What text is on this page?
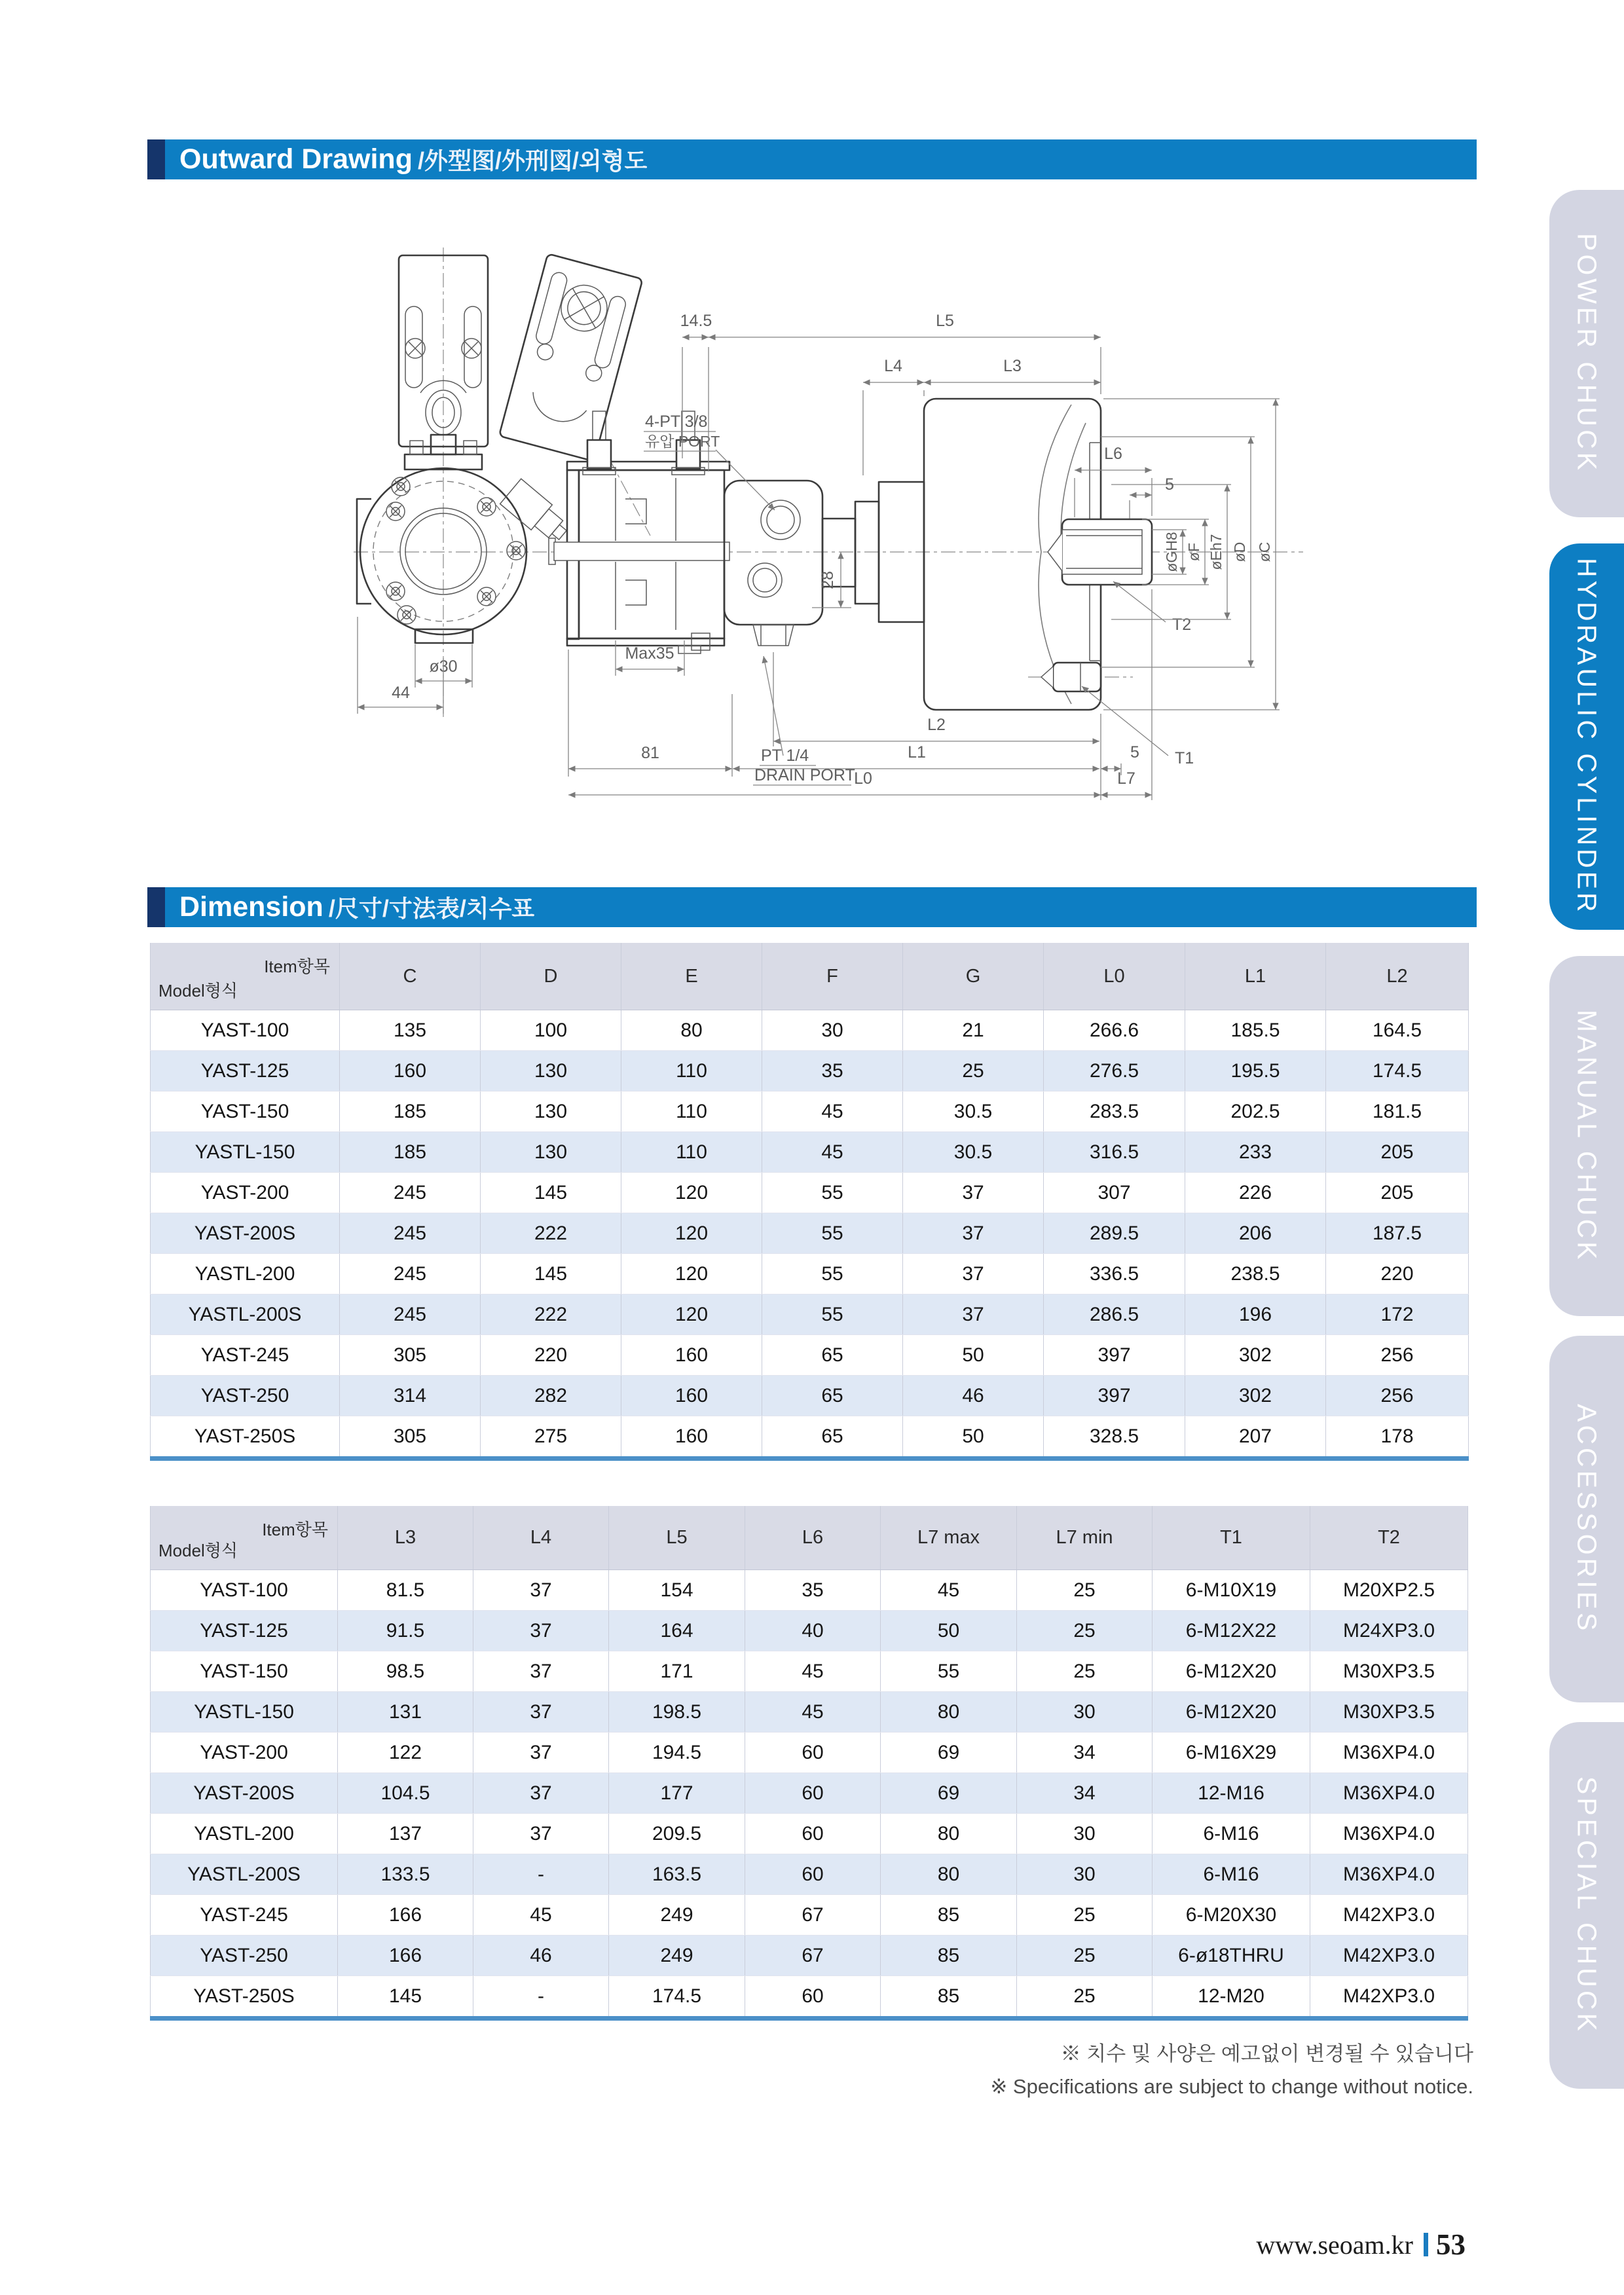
Outward Drawing /外型图/外刑図/외형도
ø30
44
Max35
81
28
4-PT 3/8
유압 PORT
PT 1/4
DRAIN PORT
T2
T1
øGH8 øF øEh7 øD øC
L6
5
14.5	L5
L4	L3
L2
L1	5
L0	L7
Dimension /尺寸/寸法表/치수표
Item항목
Model형식	C	D	E	F	G	L0	L1	L2
YAST-100	135	100	80	30	21	266.6	185.5	164.5
YAST-125	160	130	110	35	25	276.5	195.5	174.5
YAST-150	185	130	110	45	30.5	283.5	202.5	181.5
YASTL-150	185	130	110	45	30.5	316.5	233	205
YAST-200	245	145	120	55	37	307	226	205
YAST-200S	245	222	120	55	37	289.5	206	187.5
YASTL-200	245	145	120	55	37	336.5	238.5	220
YASTL-200S	245	222	120	55	37	286.5	196	172
YAST-245	305	220	160	65	50	397	302	256
YAST-250	314	282	160	65	46	397	302	256
YAST-250S	305	275	160	65	50	328.5	207	178
Item항목
Model형식	L3	L4	L5	L6	L7 max	L7 min	T1	T2
YAST-100	81.5	37	154	35	45	25	6-M10X19	M20XP2.5
YAST-125	91.5	37	164	40	50	25	6-M12X22	M24XP3.0
YAST-150	98.5	37	171	45	55	25	6-M12X20	M30XP3.5
YASTL-150	131	37	198.5	45	80	30	6-M12X20	M30XP3.5
YAST-200	122	37	194.5	60	69	34	6-M16X29	M36XP4.0
YAST-200S	104.5	37	177	60	69	34	12-M16	M36XP4.0
YASTL-200	137	37	209.5	60	80	30	6-M16	M36XP4.0
YASTL-200S	133.5	-	163.5	60	80	30	6-M16	M36XP4.0
YAST-245	166	45	249	67	85	25	6-M20X30	M42XP3.0
YAST-250	166	46	249	67	85	25	6-ø18THRU	M42XP3.0
YAST-250S	145	-	174.5	60	85	25	12-M20	M42XP3.0
※ 치수 및 사양은 예고없이 변경될 수 있습니다
※ Specifications are subject to change without notice.
POWER CHUCK
HYDRAULIC CYLINDER
MANUAL CHUCK
ACCESSORIES
SPECIAL CHUCK
www.seoam.kr 53
